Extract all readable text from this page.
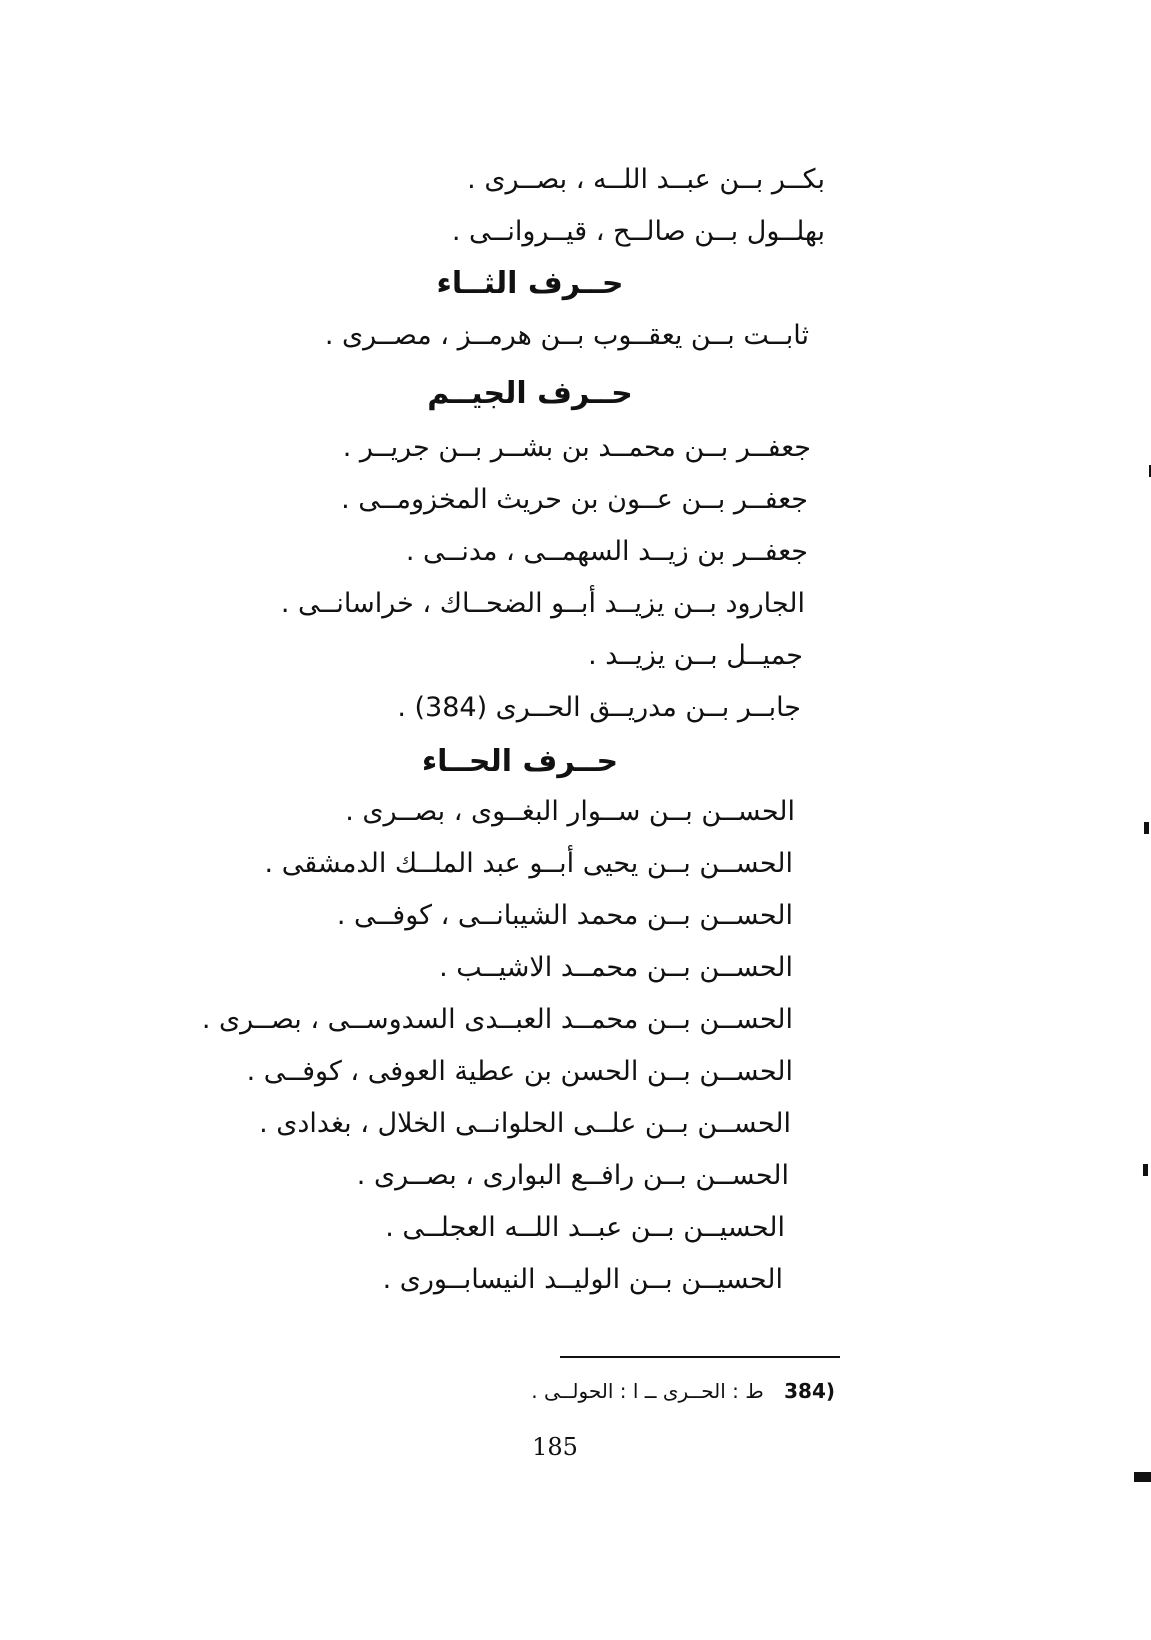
بكــر بــن عبــد اللــه ، بصــرى .
بهلــول بــن صالــح ، قيــروانــى .
حــرف الثــاء
ثابــت بــن يعقــوب بــن هرمــز ، مصــرى .
حــرف الجيــم
جعفــر بــن محمــد بن بشــر بــن جريــر .
جعفــر بــن عــون بن حريث المخزومــى .
جعفــر بن زيــد السهمــى ، مدنــى .
الجارود بــن يزيــد أبــو الضحــاك ، خراسانــى .
جميــل بــن يزيــد .
جابــر بــن مدريــق الحــرى (384) .
حــرف الحــاء
الحســن بــن ســوار البغــوى ، بصــرى .
الحســن بــن يحيى أبــو عبد الملــك الدمشقى .
الحســن بــن محمد الشيبانــى ، كوفــى .
الحســن بــن محمــد الاشيــب .
الحســن بــن محمــد العبــدى السدوســى ، بصــرى .
الحســن بــن الحسن بن عطية العوفى ، كوفــى .
الحســن بــن علــى الحلوانــى الخلال ، بغدادى .
الحســن بــن رافــع البوارى ، بصــرى .
الحسيــن بــن عبــد اللــه العجلــى .
الحسيــن بــن الوليــد النيسابــورى .
(384 ط : الحــرى ــ ا : الحولــى .
185
